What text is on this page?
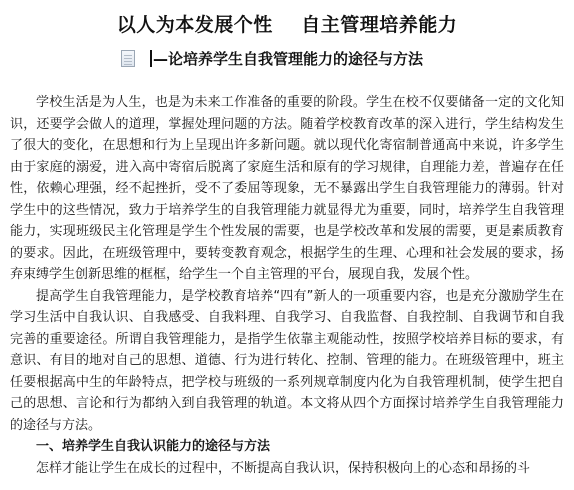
以人为本发展个性    自主管理培养能力
—论培养学生自我管理能力的途径与方法

学校生活是为人生，也是为未来工作准备的重要的阶段。学生在校不仅要储备一定的文化知识，还要学会做人的道理，掌握处理问题的方法。随着学校教育改革的深入进行，学生结构发生了很大的变化，在思想和行为上呈现出许多新问题。就以现代化寄宿制普通高中来说，许多学生由于家庭的溺爱，进入高中寄宿后脱离了家庭生活和原有的学习规律，自理能力差，普遍存在任性，依赖心理强，经不起挫折，受不了委屈等现象，无不暴露出学生自我管理能力的薄弱。针对学生中的这些情况，致力于培养学生的自我管理能力就显得尤为重要，同时，培养学生自我管理能力，实现班级民主化管理是学生个性发展的需要，也是学校改革和发展的需要，更是素质教育的要求。因此，在班级管理中，要转变教育观念，根据学生的生理、心理和社会发展的要求，扬弃束缚学生创新思维的框框，给学生一个自主管理的平台，展现自我，发展个性。

提高学生自我管理能力，是学校教育培养“四有”新人的一项重要内容，也是充分激励学生在学习生活中自我认识、自我感受、自我料理、自我学习、自我监督、自我控制、自我调节和自我完善的重要途径。所谓自我管理能力，是指学生依靠主观能动性，按照学校培养目标的要求，有意识、有目的地对自己的思想、道德、行为进行转化、控制、管理的能力。在班级管理中，班主任要根据高中生的年龄特点，把学校与班级的一系列规章制度内化为自我管理机制，使学生把自己的思想、言论和行为都纳入到自我管理的轨道。本文将从四个方面探讨培养学生自我管理能力的途径与方法。

一、培养学生自我认识能力的途径与方法

怎样才能让学生在成长的过程中，不断提高自我认识，保持积极向上的心态和昂扬的斗
